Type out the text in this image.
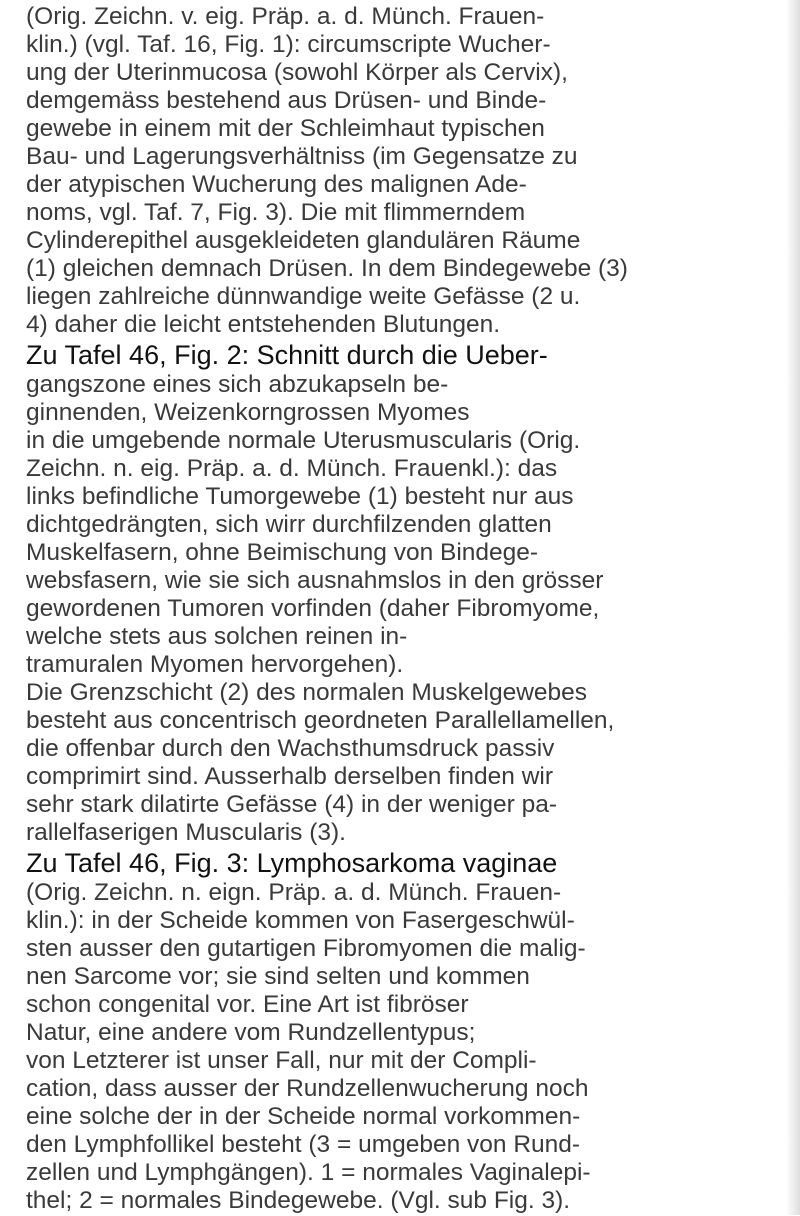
(Orig. Zeichn. v. eig. Präp. a. d. Münch. Frauen-

klin.) (vgl. Taf. 16, Fig. 1): circumscripte Wucher-

ung der Uterinmucosa (sowohl Körper als Cervix),

demgemäss bestehend aus Drüsen- und Binde-

gewebe in einem mit der Schleimhaut typischen

Bau- und Lagerungsverhältniss (im Gegensatze zu

der atypischen Wucherung des malignen Ade-

noms, vgl. Taf. 7, Fig. 3). Die mit flimmerndem

Cylinderepithel ausgekleideten glandulären Räume

(1) gleichen demnach Drüsen. In dem Bindegewebe (3)

liegen zahlreiche dünnwandige weite Gefässe (2 u.

4) daher die leicht entstehenden Blutungen.

Zu Tafel 46, Fig. 2: Schnitt durch die Ueber-

gangszone eines sich abzukapseln be-

ginnenden, Weizenkorngrossen Myomes

in die umgebende normale Uterusmuscularis (Orig.

Zeichn. n. eig. Präp. a. d. Münch. Frauenkl.): das

links befindliche Tumorgewebe (1) besteht nur aus

dichtgedrängten, sich wirr durchfilzenden glatten

Muskelfasern, ohne Beimischung von Bindege-

websfasern, wie sie sich ausnahmslos in den grösser

gewordenen Tumoren vorfinden (daher Fibromyome,

welche stets aus solchen reinen in-

tramuralen Myomen hervorgehen).

Die Grenzschicht (2) des normalen Muskelgewebes

besteht aus concentrisch geordneten Parallellamellen,

die offenbar durch den Wachsthumsdruck passiv

comprimirt sind. Ausserhalb derselben finden wir

sehr stark dilatirte Gefässe (4) in der weniger pa-

rallelfaserigen Muscularis (3).

Zu Tafel 46, Fig. 3: Lymphosarkoma vaginae

(Orig. Zeichn. n. eign. Präp. a. d. Münch. Frauen-

klin.): in der Scheide kommen von Fasergeschwül-

sten ausser den gutartigen Fibromyomen die malig-

nen Sarcome vor; sie sind selten und kommen

schon congenital vor. Eine Art ist fibröser

Natur, eine andere vom Rundzellentypus;

von Letzterer ist unser Fall, nur mit der Compli-

cation, dass ausser der Rundzellenwucherung noch

eine solche der in der Scheide normal vorkommen-

den Lymphfollikel besteht (3 = umgeben von Rund-

zellen und Lymphgängen). 1 = normales Vaginalepi-

thel; 2 = normales Bindegewebe. (Vgl. sub Fig. 3).
